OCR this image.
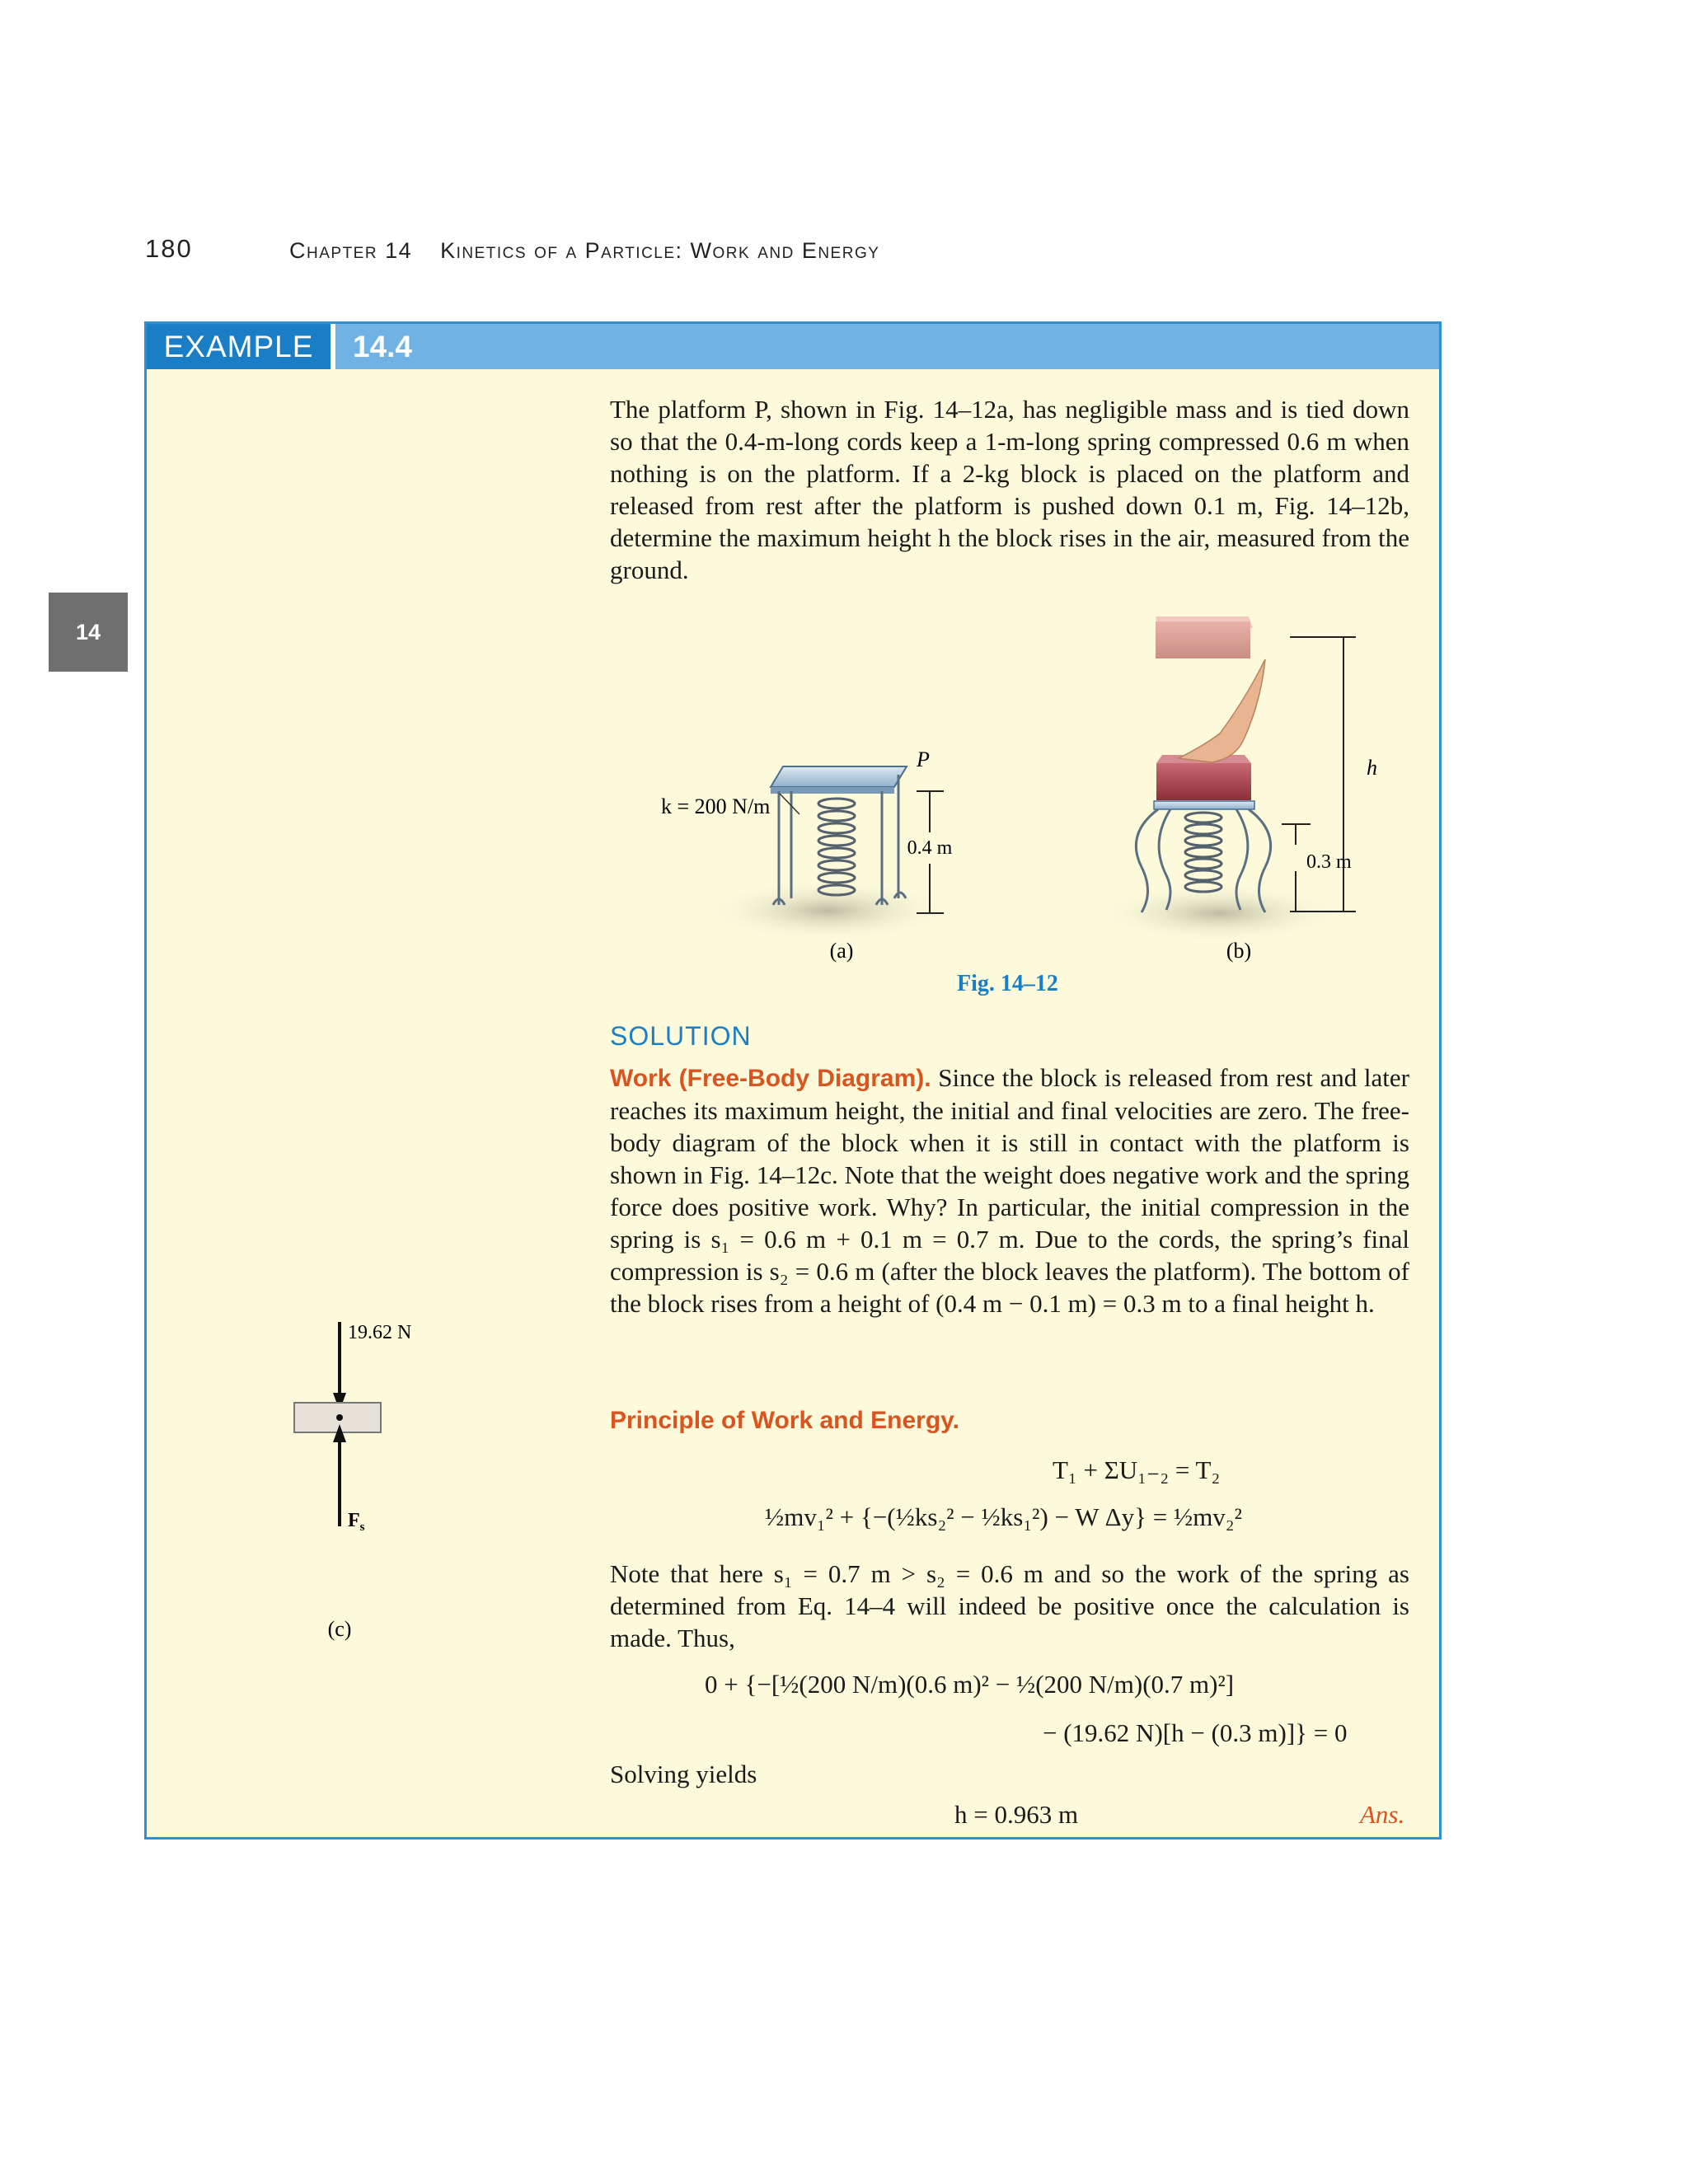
180	Chapter 14 Kinetics of a Particle: Work and Energy
14
EXAMPLE	14.4
The platform P, shown in Fig. 14–12a, has negligible mass and is tied down so that the 0.4-m-long cords keep a 1-m-long spring compressed 0.6 m when nothing is on the platform. If a 2-kg block is placed on the platform and released from rest after the platform is pushed down 0.1 m, Fig. 14–12b, determine the maximum height h the block rises in the air, measured from the ground.
k = 200 N/m
P
0.4 m
(a)
h
0.3 m
(b)
Fig. 14–12
19.62 N
$F_s$
(c)
SOLUTION
Work (Free-Body Diagram). Since the block is released from rest and later reaches its maximum height, the initial and final velocities are zero. The free-body diagram of the block when it is still in contact with the platform is shown in Fig. 14–12c. Note that the weight does negative work and the spring force does positive work. Why? In particular, the initial compression in the spring is s₁ = 0.6 m + 0.1 m = 0.7 m. Due to the cords, the spring’s final compression is s₂ = 0.6 m (after the block leaves the platform). The bottom of the block rises from a height of (0.4 m − 0.1 m) = 0.3 m to a final height h.
Principle of Work and Energy.
T₁ + ΣU₁₋₂ = T₂
½mv₁² + {−(½ks₂² − ½ks₁²) − W Δy} = ½mv₂²
Note that here s₁ = 0.7 m > s₂ = 0.6 m and so the work of the spring as determined from Eq. 14–4 will indeed be positive once the calculation is made. Thus,
0 + {−[½(200 N/m)(0.6 m)² − ½(200 N/m)(0.7 m)²]
− (19.62 N)[h − (0.3 m)]} = 0
Solving yields
h = 0.963 m	Ans.
